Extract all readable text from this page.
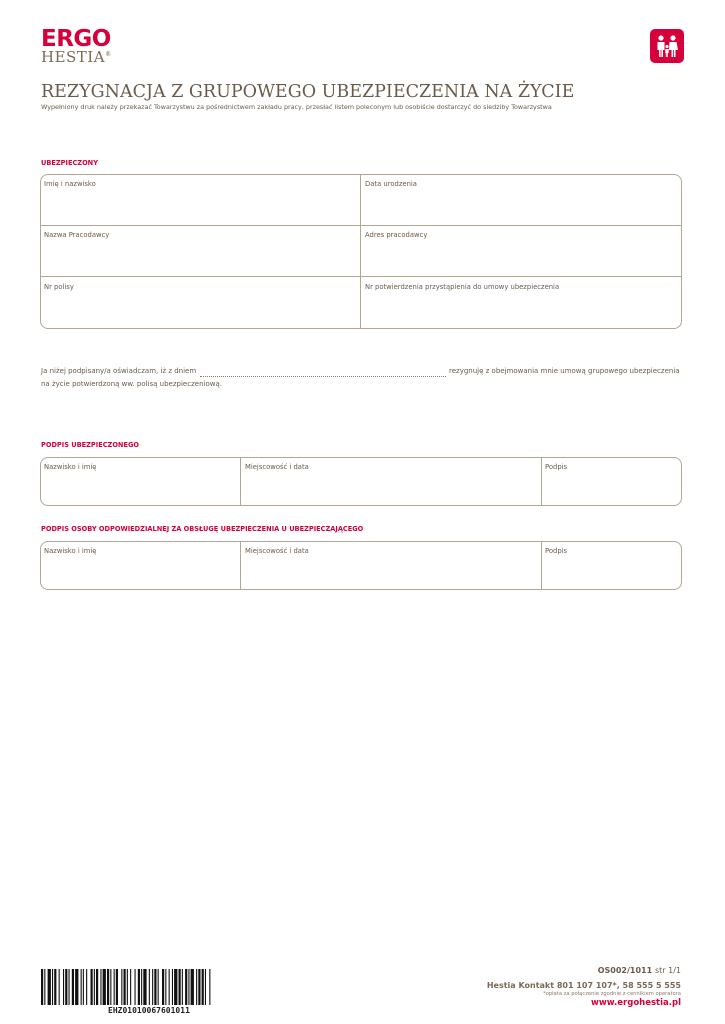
ERGO
HESTIA®
REZYGNACJA Z GRUPOWEGO UBEZPIECZENIA NA ŻYCIE
Wypełniony druk należy przekazać Towarzystwu za pośrednictwem zakładu pracy, przesłać listem poleconym lub osobiście dostarczyć do siedziby Towarzystwa
UBEZPIECZONY
Imię i nazwisko	Data urodzenia
Nazwa Pracodawcy	Adres pracodawcy
Nr polisy	Nr potwierdzenia przystąpienia do umowy ubezpieczenia
Ja niżej podpisany/a oświadczam, iż z dniem	rezygnuję z obejmowania mnie umową grupowego ubezpieczenia
na życie potwierdzoną ww. polisą ubezpieczeniową.
PODPIS UBEZPIECZONEGO
Nazwisko i imię	Miejscowość i data	Podpis
PODPIS OSOBY ODPOWIEDZIALNEJ ZA OBSŁUGĘ UBEZPIECZENIA U UBEZPIECZAJĄCEGO
Nazwisko i imię	Miejscowość i data	Podpis
EHZ01010067601011
OS002/1011 str 1/1
Hestia Kontakt 801 107 107*, 58 555 5 555
*opłata za połączenie zgodnie z cennikiem operatora
www.ergohestia.pl
